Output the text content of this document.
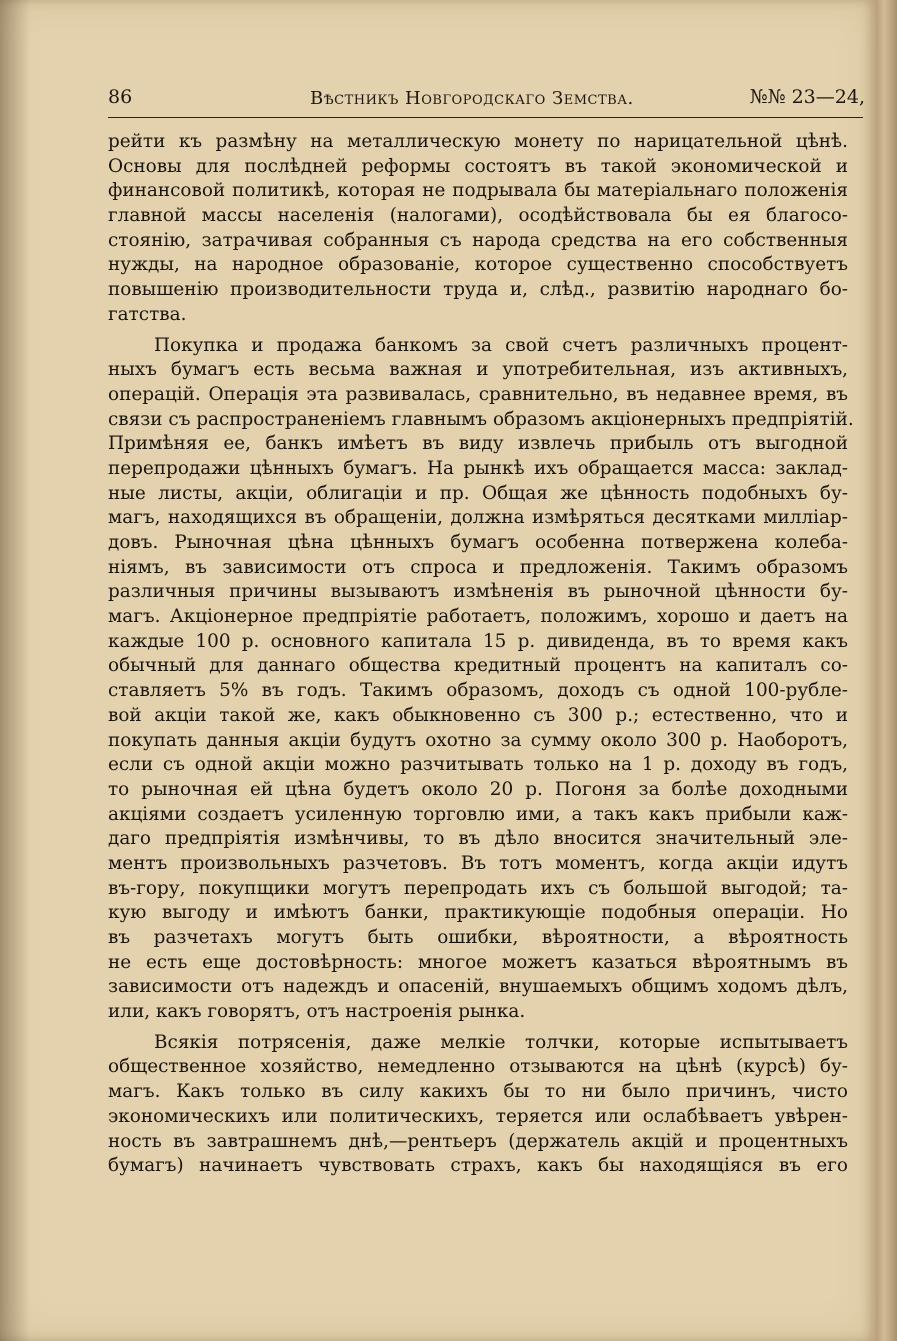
86	Вѣстникъ Новгородскаго Земства.	№№ 23—24,
рейти къ размѣну на металлическую монету по нарицательной цѣнѣ.
Основы для послѣдней реформы состоятъ въ такой экономической и
финансовой политикѣ, которая не подрывала бы матеріальнаго положенія
главной массы населенія (налогами), осодѣйствовала бы ея благосо-
стоянію, затрачивая собранныя съ народа средства на его собственныя
нужды, на народное образованіе, которое существенно способствуетъ
повышенію производительности труда и, слѣд., развитію народнаго бо-
гатства.
Покупка и продажа банкомъ за свой счетъ различныхъ процент-
ныхъ бумагъ есть весьма важная и употребительная, изъ активныхъ,
операцій. Операція эта развивалась, сравнительно, въ недавнее время, въ
связи съ распространеніемъ главнымъ образомъ акціонерныхъ предпріятій.
Примѣняя ее, банкъ имѣетъ въ виду извлечь прибыль отъ выгодной
перепродажи цѣнныхъ бумагъ. На рынкѣ ихъ обращается масса: заклад-
ные листы, акціи, облигаціи и пр. Общая же цѣнность подобныхъ бу-
магъ, находящихся въ обращеніи, должна измѣряться десятками милліар-
довъ. Рыночная цѣна цѣнныхъ бумагъ особенна потвержена колеба-
ніямъ, въ зависимости отъ спроса и предложенія. Такимъ образомъ
различныя причины вызываютъ измѣненія въ рыночной цѣнности бу-
магъ. Акціонерное предпріятіе работаетъ, положимъ, хорошо и даетъ на
каждые 100 р. основного капитала 15 р. дивиденда, въ то время какъ
обычный для даннаго общества кредитный процентъ на капиталъ со-
ставляетъ 5% въ годъ. Такимъ образомъ, доходъ съ одной 100-рубле-
вой акціи такой же, какъ обыкновенно съ 300 р.; естественно, что и
покупать данныя акціи будутъ охотно за сумму около 300 р. Наоборотъ,
если съ одной акціи можно разчитывать только на 1 р. доходу въ годъ,
то рыночная ей цѣна будетъ около 20 р. Погоня за болѣе доходными
акціями создаетъ усиленную торговлю ими, а такъ какъ прибыли каж-
даго предпріятія измѣнчивы, то въ дѣло вносится значительный эле-
ментъ произвольныхъ разчетовъ. Въ тотъ моментъ, когда акціи идутъ
въ-гору, покупщики могутъ перепродать ихъ съ большой выгодой; та-
кую выгоду и имѣютъ банки, практикующіе подобныя операціи. Но
въ разчетахъ могутъ быть ошибки, вѣроятности, а вѣроятность
не есть еще достовѣрность: многое можетъ казаться вѣроятнымъ въ
зависимости отъ надеждъ и опасеній, внушаемыхъ общимъ ходомъ дѣлъ,
или, какъ говорятъ, отъ настроенія рынка.
Всякія потрясенія, даже мелкіе толчки, которые испытываетъ
общественное хозяйство, немедленно отзываются на цѣнѣ (курсѣ) бу-
магъ. Какъ только въ силу какихъ бы то ни было причинъ, чисто
экономическихъ или политическихъ, теряется или ослабѣваетъ увѣрен-
ность въ завтрашнемъ днѣ,—рентьеръ (держатель акцій и процентныхъ
бумагъ) начинаетъ чувствовать страхъ, какъ бы находящіяся въ его
